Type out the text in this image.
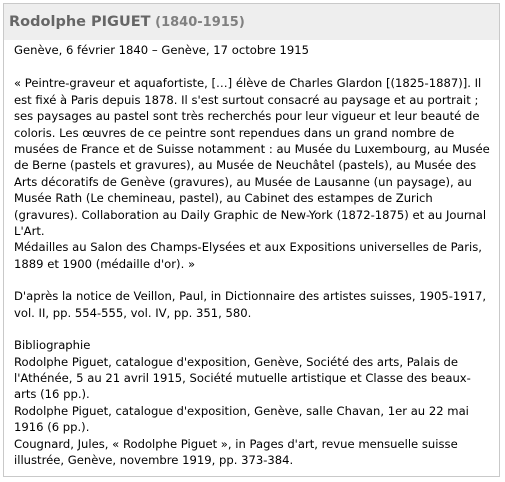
Rodolphe PIGUET (1840-1915)

Genève, 6 février 1840 – Genève, 17 octobre 1915

« Peintre-graveur et aquafortiste, […] élève de Charles Glardon [(1825-1887)]. Il

est fixé à Paris depuis 1878. Il s'est surtout consacré au paysage et au portrait ;

ses paysages au pastel sont très recherchés pour leur vigueur et leur beauté de

coloris. Les œuvres de ce peintre sont rependues dans un grand nombre de

musées de France et de Suisse notamment : au Musée du Luxembourg, au Musée

de Berne (pastels et gravures), au Musée de Neuchâtel (pastels), au Musée des

Arts décoratifs de Genève (gravures), au Musée de Lausanne (un paysage), au

Musée Rath (Le chemineau, pastel), au Cabinet des estampes de Zurich

(gravures). Collaboration au Daily Graphic de New-York (1872-1875) et au Journal

L'Art.

Médailles au Salon des Champs-Elysées et aux Expositions universelles de Paris,

1889 et 1900 (médaille d'or). »

D'après la notice de Veillon, Paul, in Dictionnaire des artistes suisses, 1905-1917,

vol. II, pp. 554-555, vol. IV, pp. 351, 580.

Bibliographie

Rodolphe Piguet, catalogue d'exposition, Genève, Société des arts, Palais de

l'Athénée, 5 au 21 avril 1915, Société mutuelle artistique et Classe des beaux-

arts (16 pp.).

Rodolphe Piguet, catalogue d'exposition, Genève, salle Chavan, 1er au 22 mai

1916 (6 pp.).

Cougnard, Jules, « Rodolphe Piguet », in Pages d'art, revue mensuelle suisse

illustrée, Genève, novembre 1919, pp. 373-384.
